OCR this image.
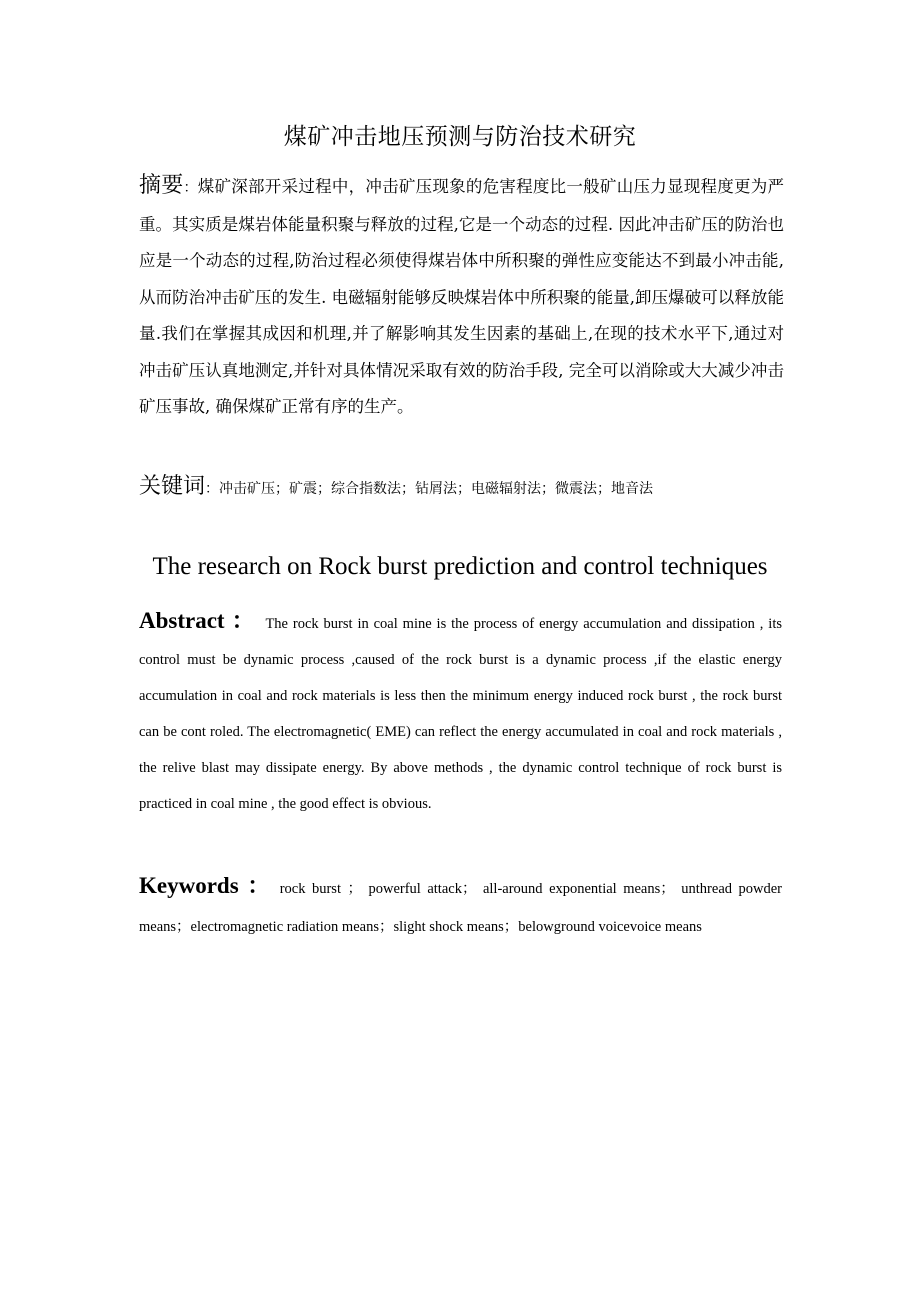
煤矿冲击地压预测与防治技术研究
摘要：煤矿深部开采过程中，冲击矿压现象的危害程度比一般矿山压力显现程度更为严重。其实质是煤岩体能量积聚与释放的过程,它是一个动态的过程. 因此冲击矿压的防治也应是一个动态的过程,防治过程必须使得煤岩体中所积聚的弹性应变能达不到最小冲击能,从而防治冲击矿压的发生. 电磁辐射能够反映煤岩体中所积聚的能量,卸压爆破可以释放能量.我们在掌握其成因和机理,并了解影响其发生因素的基础上,在现的技术水平下,通过对冲击矿压认真地测定,并针对具体情况采取有效的防治手段, 完全可以消除或大大减少冲击矿压事故, 确保煤矿正常有序的生产。
关键词：冲击矿压；矿震；综合指数法；钻屑法；电磁辐射法；微震法；地音法
The research on Rock burst prediction and control techniques
Abstract ： The rock burst in coal mine is the process of energy accumulation and dissipation , its control must be dynamic process ,caused of the rock burst is a dynamic process ,if the elastic energy accumulation in coal and rock materials is less then the minimum energy induced rock burst , the rock burst can be cont roled. The electromagnetic( EME) can reflect the energy accumulated in coal and rock materials , the relive blast may dissipate energy. By above methods , the dynamic control technique of rock burst is practiced in coal mine , the good effect is obvious.
Keywords ： rock burst ； powerful attack； all-around exponential means； unthread powder means；electromagnetic radiation means；slight shock means；belowground voicevoice means
